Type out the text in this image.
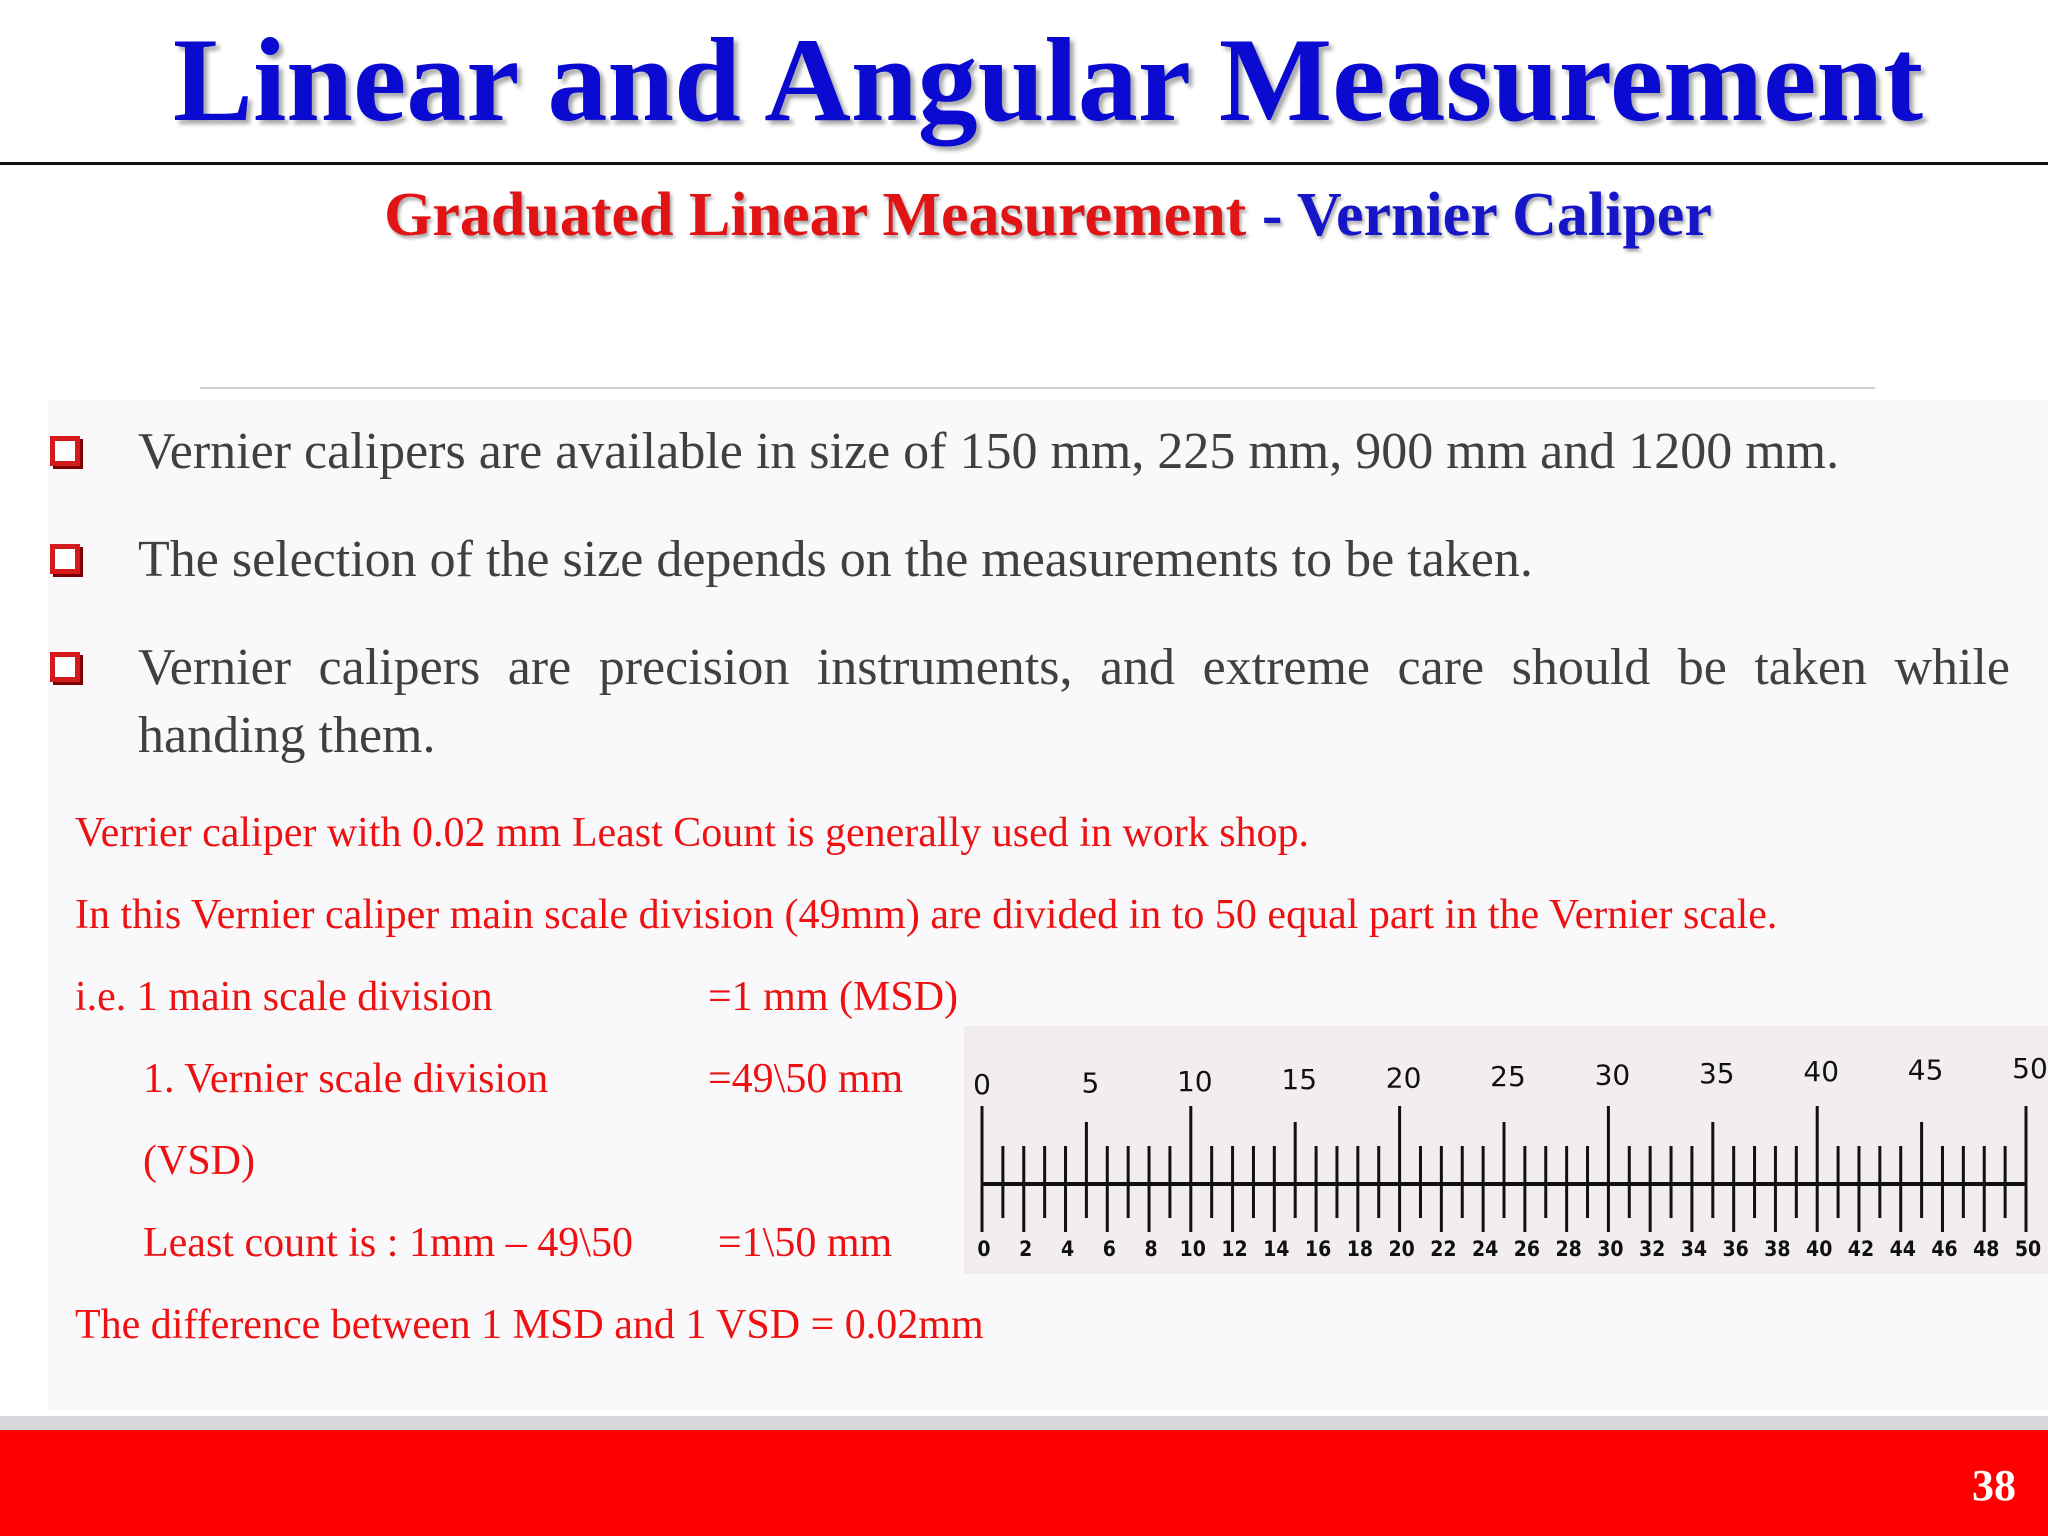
Linear and Angular Measurement
Graduated Linear Measurement - Vernier Caliper
Vernier calipers are available in size of 150 mm, 225 mm, 900 mm and 1200 mm.
The selection of the size depends on the measurements to be taken.
Vernier calipers are precision instruments, and extreme care should be taken while handing them.
Verrier caliper with 0.02 mm Least Count is generally used in work shop.
In this Vernier caliper main scale division (49mm) are divided in to 50 equal part in the Vernier scale.
i.e. 1 main scale division	=1 mm (MSD)
1. Vernier scale division	=49\50 mm
(VSD)
Least count is : 1mm – 49\50 =1\50 mm
The difference between 1 MSD and 1 VSD = 0.02mm
0	5	10 15 20 25 30 35 40 45 50
0 2 4 6 8 10 12 14 16 18 20 22 24 26 28 30 32 34 36 38 40 42 44 46 48 50
38
